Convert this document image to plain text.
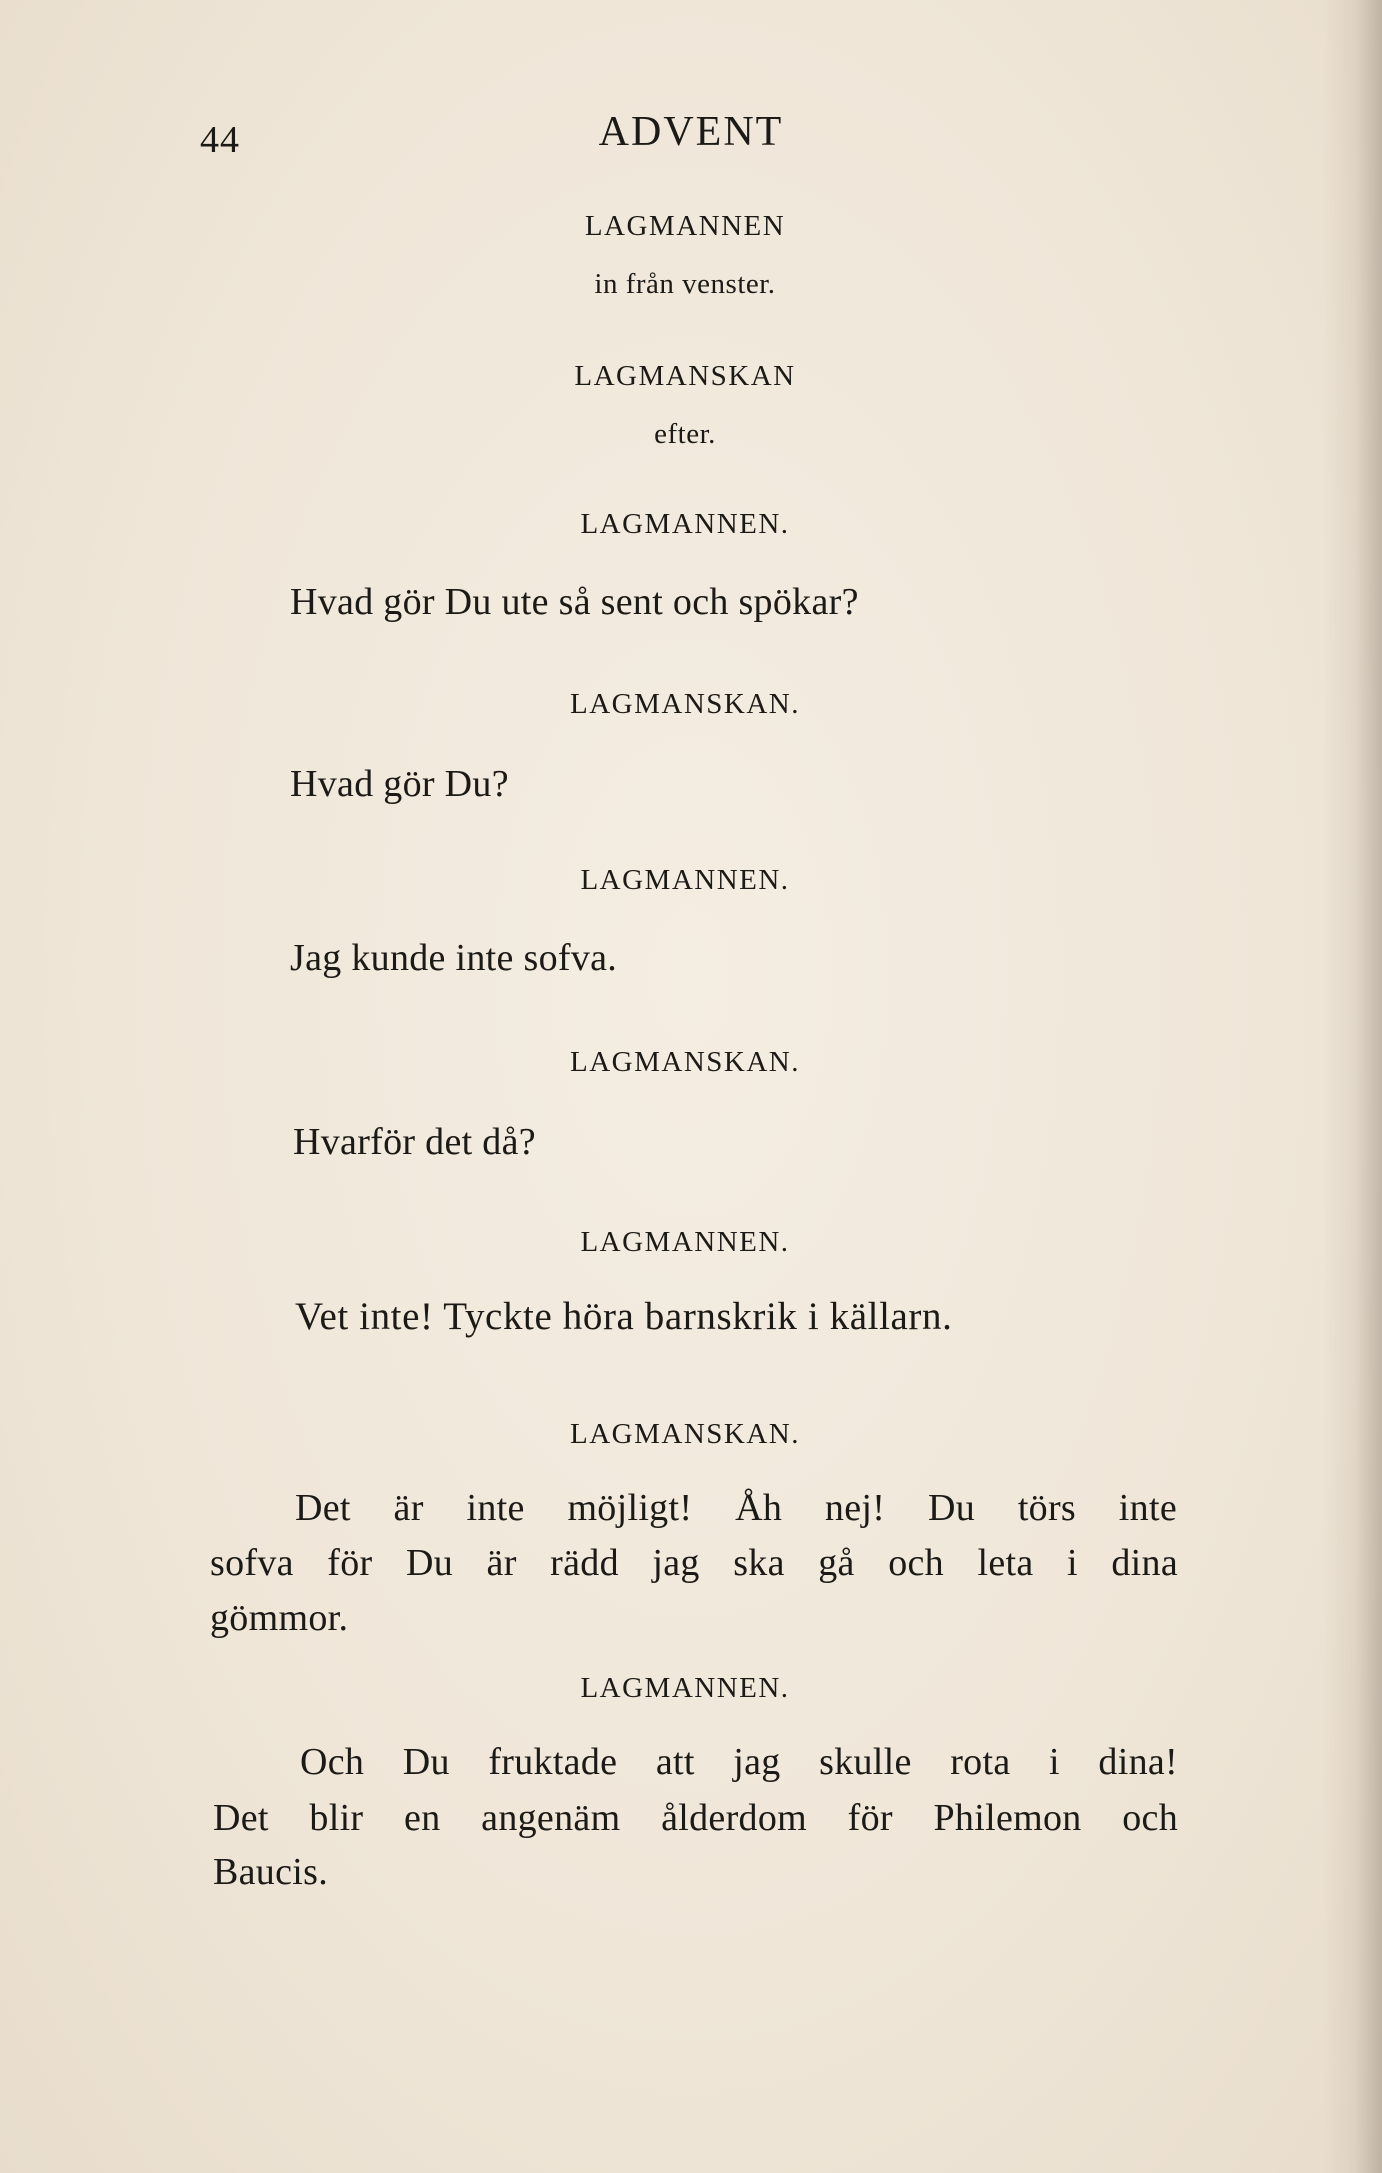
44	ADVENT
LAGMANNEN
in från venster.
LAGMANSKAN
efter.
LAGMANNEN.
Hvad gör Du ute så sent och spökar?
LAGMANSKAN.
Hvad gör Du?
LAGMANNEN.
Jag kunde inte sofva.
LAGMANSKAN.
Hvarför det då?
LAGMANNEN.
Vet inte! Tyckte höra barnskrik i källarn.
LAGMANSKAN.
Det är inte möjligt! Åh nej! Du törs inte
sofva för Du är rädd jag ska gå och leta i dina
gömmor.
LAGMANNEN.
Och Du fruktade att jag skulle rota i dina!
Det blir en angenäm ålderdom för Philemon och
Baucis.
